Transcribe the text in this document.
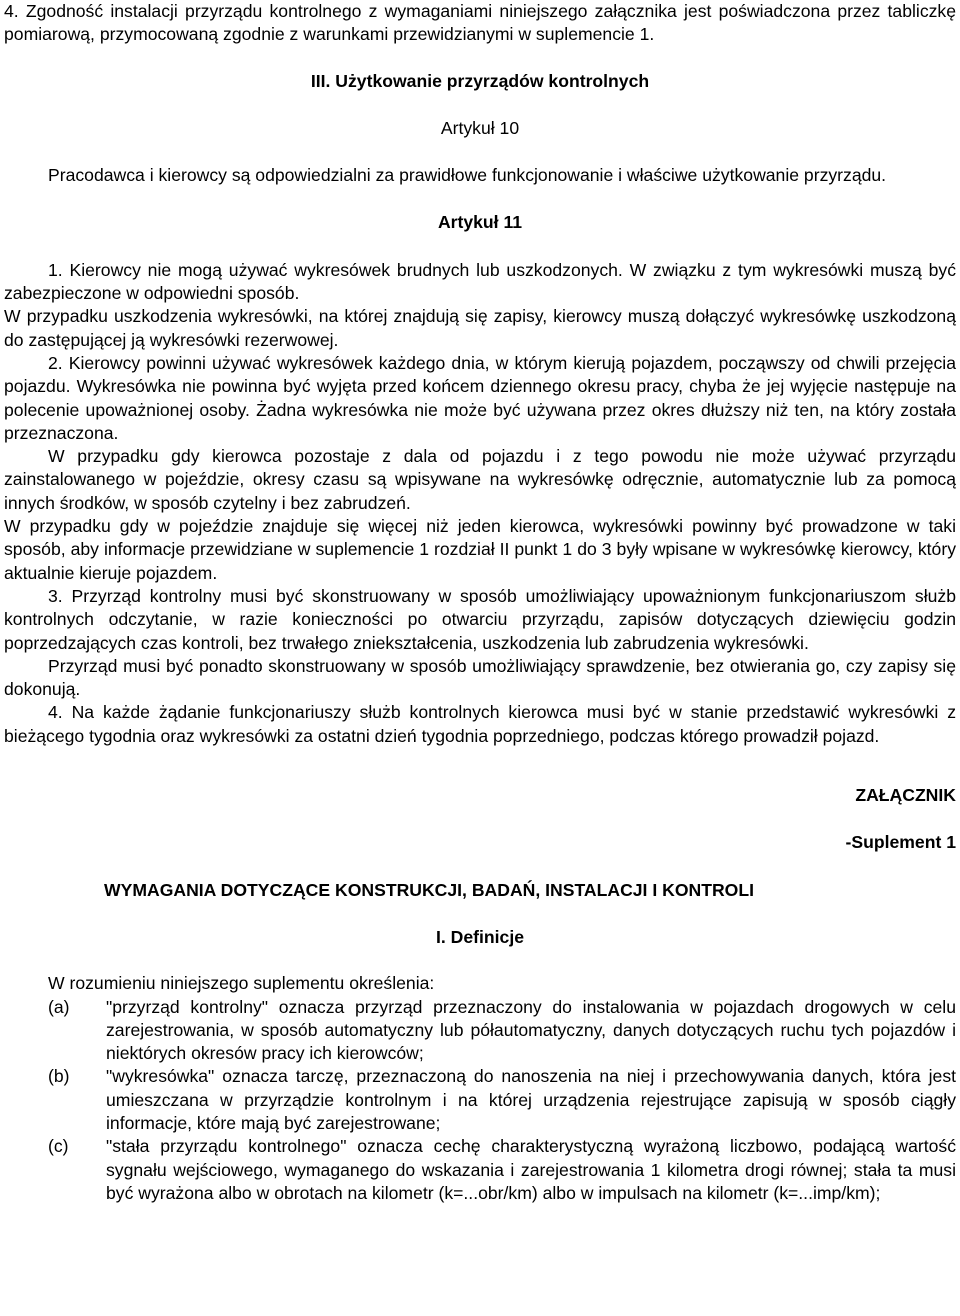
4. Zgodność instalacji przyrządu kontrolnego z wymaganiami niniejszego załącznika jest poświadczona przez tabliczkę pomiarową, przymocowaną zgodnie z warunkami przewidzianymi w suplemencie 1.

III. Użytkowanie przyrządów kontrolnych

Artykuł 10

Pracodawca i kierowcy są odpowiedzialni za prawidłowe funkcjonowanie i właściwe użytkowanie przyrządu.

Artykuł 11

1. Kierowcy nie mogą używać wykresówek brudnych lub uszkodzonych. W związku z tym wykresówki muszą być zabezpieczone w odpowiedni sposób.

W przypadku uszkodzenia wykresówki, na której znajdują się zapisy, kierowcy muszą dołączyć wykresówkę uszkodzoną do zastępującej ją wykresówki rezerwowej.

2. Kierowcy powinni używać wykresówek każdego dnia, w którym kierują pojazdem, począwszy od chwili przejęcia pojazdu. Wykresówka nie powinna być wyjęta przed końcem dziennego okresu pracy, chyba że jej wyjęcie następuje na polecenie upoważnionej osoby. Żadna wykresówka nie może być używana przez okres dłuższy niż ten, na który została przeznaczona.

W przypadku gdy kierowca pozostaje z dala od pojazdu i z tego powodu nie może używać przyrządu zainstalowanego w pojeździe, okresy czasu są wpisywane na wykresówkę odręcznie, automatycznie lub za pomocą innych środków, w sposób czytelny i bez zabrudzeń.

W przypadku gdy w pojeździe znajduje się więcej niż jeden kierowca, wykresówki powinny być prowadzone w taki sposób, aby informacje przewidziane w suplemencie 1 rozdział II punkt 1 do 3 były wpisane w wykresówkę kierowcy, który aktualnie kieruje pojazdem.

3. Przyrząd kontrolny musi być skonstruowany w sposób umożliwiający upoważnionym funkcjonariuszom służb kontrolnych odczytanie, w razie konieczności po otwarciu przyrządu, zapisów dotyczących dziewięciu godzin poprzedzających czas kontroli, bez trwałego zniekształcenia, uszkodzenia lub zabrudzenia wykresówki.

Przyrząd musi być ponadto skonstruowany w sposób umożliwiający sprawdzenie, bez otwierania go, czy zapisy się dokonują.

4. Na każde żądanie funkcjonariuszy służb kontrolnych kierowca musi być w stanie przedstawić wykresówki z bieżącego tygodnia oraz wykresówki za ostatni dzień tygodnia poprzedniego, podczas którego prowadził pojazd.

ZAŁĄCZNIK

-Suplement 1

WYMAGANIA DOTYCZĄCE KONSTRUKCJI, BADAŃ, INSTALACJI I KONTROLI

I. Definicje

W rozumieniu niniejszego suplementu określenia:

(a) "przyrząd kontrolny" oznacza przyrząd przeznaczony do instalowania w pojazdach drogowych w celu zarejestrowania, w sposób automatyczny lub półautomatyczny, danych dotyczących ruchu tych pojazdów i niektórych okresów pracy ich kierowców;
(b) "wykresówka" oznacza tarczę, przeznaczoną do nanoszenia na niej i przechowywania danych, która jest umieszczana w przyrządzie kontrolnym i na której urządzenia rejestrujące zapisują w sposób ciągły informacje, które mają być zarejestrowane;
(c) "stała przyrządu kontrolnego" oznacza cechę charakterystyczną wyrażoną liczbowo, podającą wartość sygnału wejściowego, wymaganego do wskazania i zarejestrowania 1 kilometra drogi równej; stała ta musi być wyrażona albo w obrotach na kilometr (k=...obr/km) albo w impulsach na kilometr (k=...imp/km);
